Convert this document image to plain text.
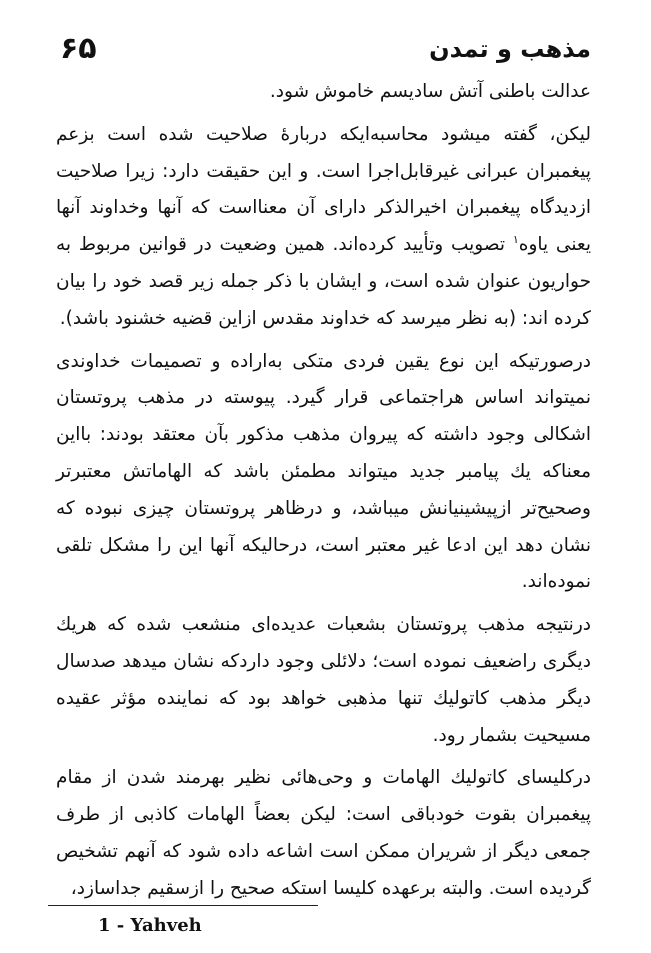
۶۵	مذهب و تمدن

عدالت باطنی آتش سادیسم خاموش شود.

لیکن، گفته میشود محاسبه‌ایکه دربارهٔ صلاحیت شده است بزعم پیغمبران عبرانی غیرقابل‌اجرا است. و این حقیقت دارد: زیرا صلاحیت ازدیدگاه پیغمبران اخیرالذکر دارای آن معنااست که آنها وخداوند آنها یعنی یاوه$^۱$ تصویب وتأیید کرده‌اند. همین وضعیت در قوانین مربوط به حواریون عنوان شده است، و ایشان با ذکر جمله زیر قصد خود را بیان کرده اند: (به نظر میرسد که خداوند مقدس ازاین قضیه خشنود باشد).

درصورتیکه این نوع یقین فردی متکی به‌اراده و تصمیمات خداوندی نمیتواند اساس هراجتماعی قرار گیرد. پیوسته در مذهب پروتستان اشکالی وجود داشته که پیروان مذهب مذکور بآن معتقد بودند: بااین معناکه یك پیامبر جدید میتواند مطمئن باشد که الهاماتش معتبرتر وصحیح‌تر ازپیشینیانش میباشد، و درظاهر پروتستان چیزی نبوده که نشان دهد این ادعا غیر معتبر است، درحالیکه آنها این را مشکل تلقی نموده‌اند.

درنتیجه مذهب پروتستان بشعبات عدیده‌ای منشعب شده که هریك دیگری راضعیف نموده است؛ دلائلی وجود داردکه نشان میدهد صدسال دیگر مذهب کاتولیك تنها مذهبی خواهد بود که نماینده مؤثر عقیده مسیحیت بشمار رود.

درکلیسای کاتولیك الهامات و وحی‌هائی نظیر بهرمند شدن از مقام پیغمبران بقوت خودباقی است: لیکن بعضاً الهامات کاذبی از طرف جمعی دیگر از شریران ممکن است اشاعه داده شود که آنهم تشخیص گردیده است. والبته برعهده کلیسا استکه صحیح را ازسقیم جداسازد،

1 - Yahveh
